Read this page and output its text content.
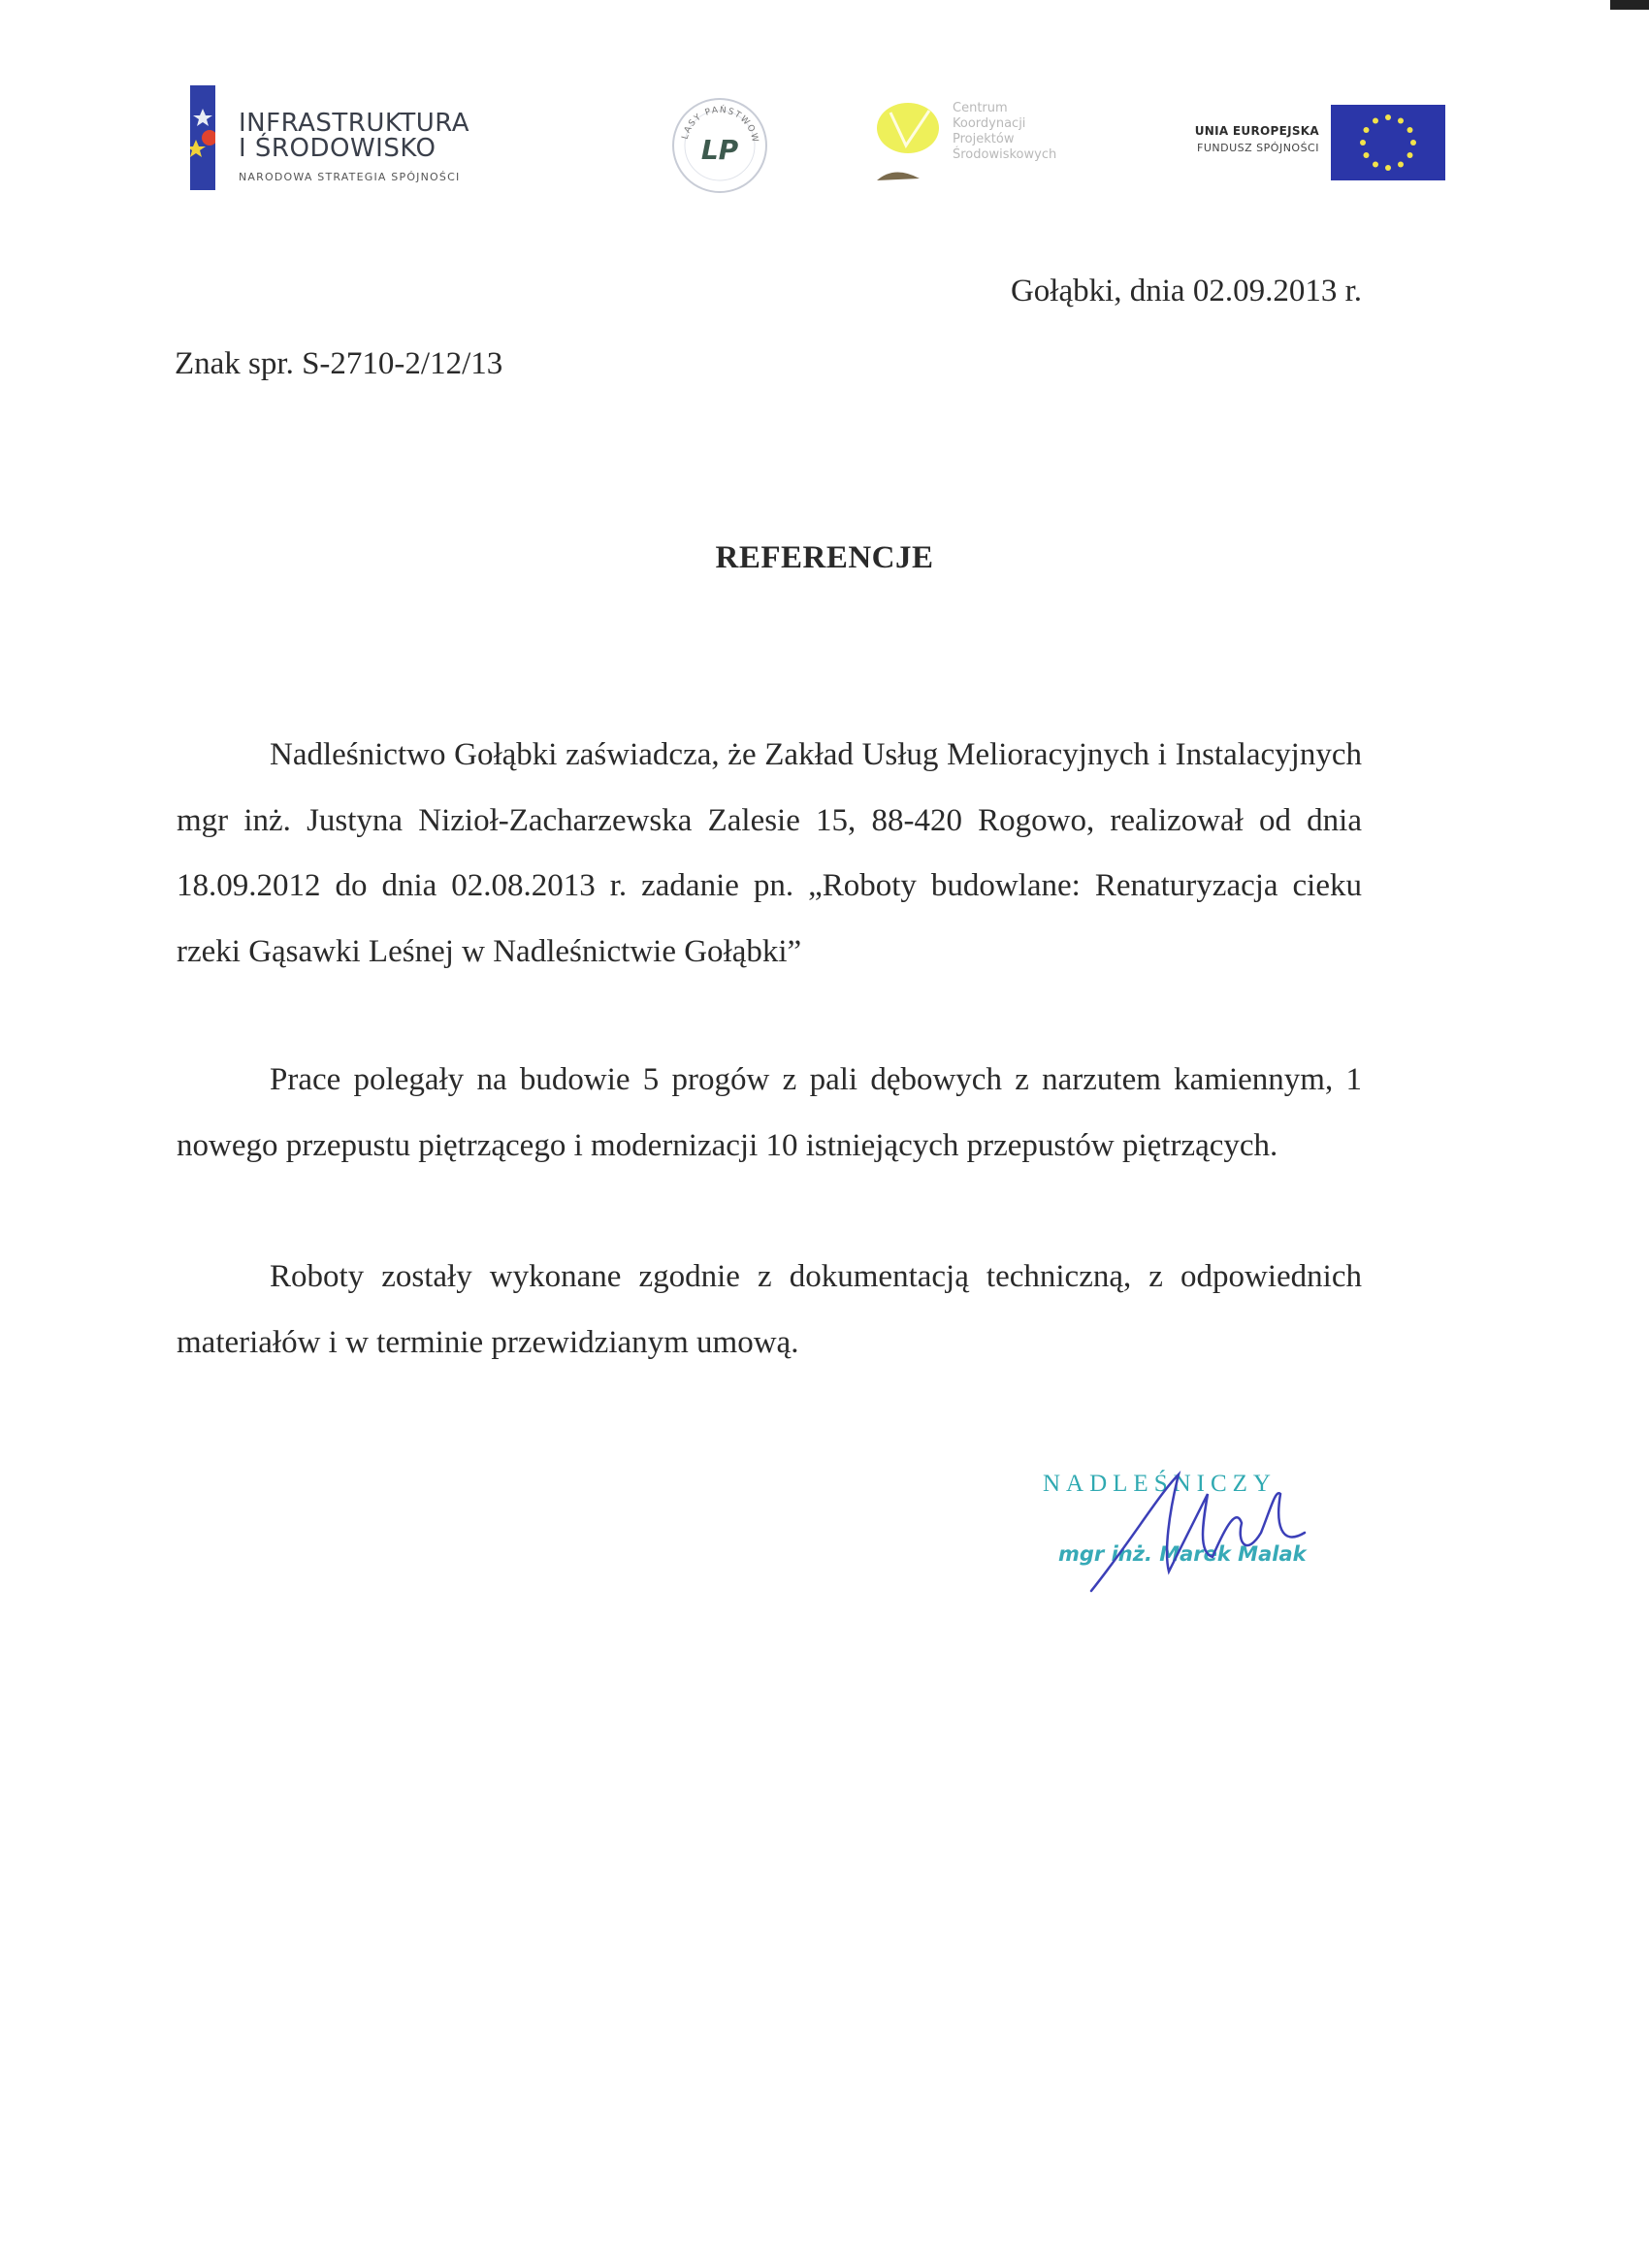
INFRASTRUKTURA
I ŚRODOWISKO
NARODOWA STRATEGIA SPÓJNOŚCI
LASY PAŃSTWOW
LP
Centrum
Koordynacji
Projektów
Środowiskowych
UNIA EUROPEJSKA
FUNDUSZ SPÓJNOŚCI
Gołąbki, dnia 02.09.2013 r.
Znak spr. S-2710-2/12/13
REFERENCJE

Nadleśnictwo Gołąbki zaświadcza, że Zakład Usług Melioracyjnych i Instalacyjnych mgr inż. Justyna Nizioł-Zacharzewska Zalesie 15, 88-420 Rogowo, realizował od dnia 18.09.2012 do dnia 02.08.2013 r. zadanie pn. „Roboty budowlane: Renaturyzacja cieku rzeki Gąsawki Leśnej w Nadleśnictwie Gołąbki”

Prace polegały na budowie 5 progów z pali dębowych z narzutem kamiennym, 1 nowego przepustu piętrzącego i modernizacji 10 istniejących przepustów piętrzących.

Roboty zostały wykonane zgodnie z dokumentacją techniczną, z odpowiednich materiałów i w terminie przewidzianym umową.

NADLEŚNICZY
mgr inż. Marek Malak
